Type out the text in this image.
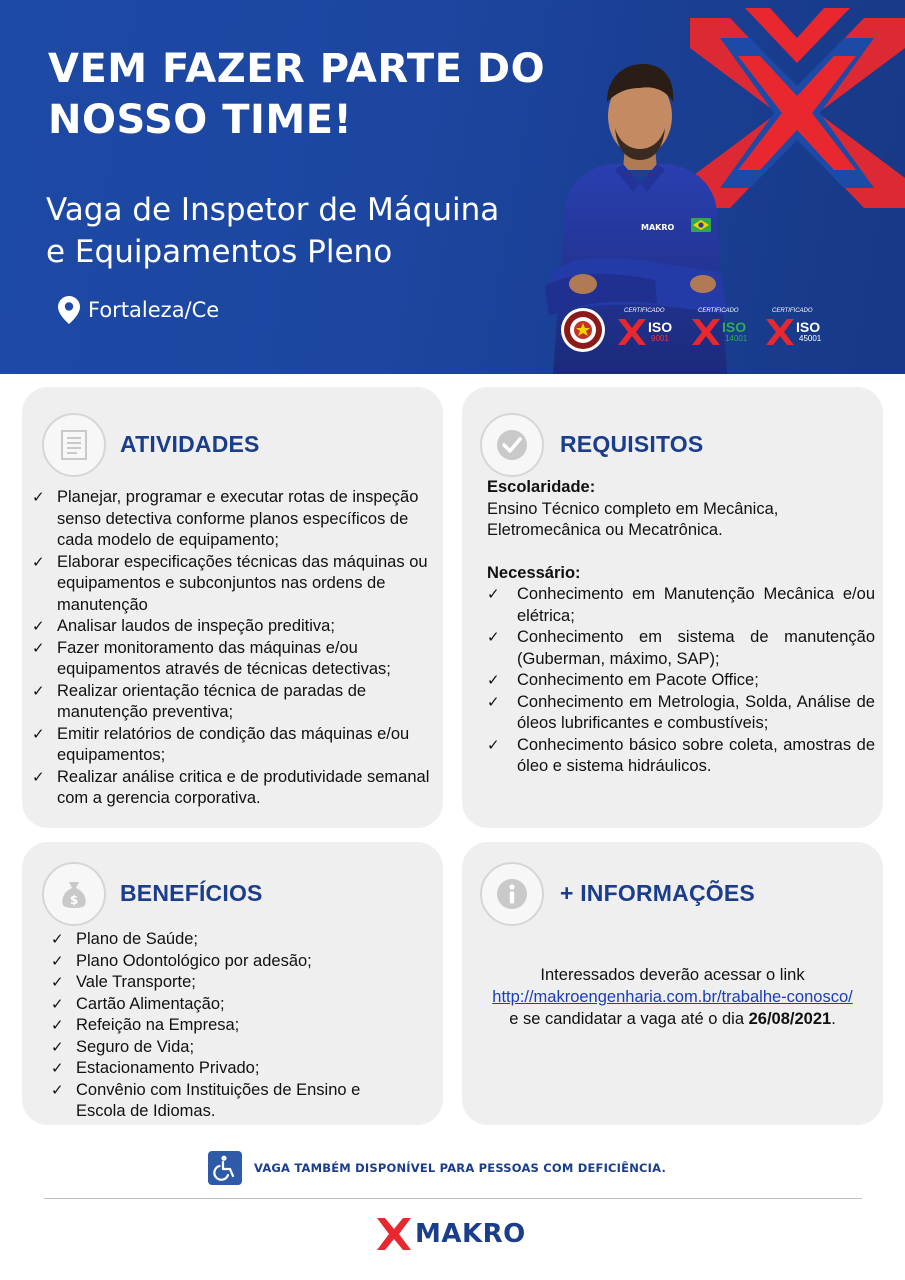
VEM FAZER PARTE DO
NOSSO TIME!
Vaga de Inspetor de Máquina
e Equipamentos Pleno
Fortaleza/Ce
MAKRO
CERTIFICADO
ISO
9001
CERTIFICADO
ISO
14001
CERTIFICADO
ISO
45001
ATIVIDADES
✓ Planejar, programar e executar rotas de inspeção senso detectiva conforme planos específicos de cada modelo de equipamento;
✓ Elaborar especificações técnicas das máquinas ou equipamentos e subconjuntos nas ordens de manutenção
✓ Analisar laudos de inspeção preditiva;
✓ Fazer monitoramento das máquinas e/ou equipamentos através de técnicas detectivas;
✓ Realizar orientação técnica de paradas de manutenção preventiva;
✓ Emitir relatórios de condição das máquinas e/ou equipamentos;
✓ Realizar análise critica e de produtividade semanal com a gerencia corporativa.
REQUISITOS
Escolaridade:
Ensino Técnico completo em Mecânica, Eletromecânica ou Mecatrônica.
Necessário:
✓ Conhecimento em Manutenção Mecânica e/ou elétrica;
✓ Conhecimento em sistema de manutenção (Guberman, máximo, SAP);
✓ Conhecimento em Pacote Office;
✓ Conhecimento em Metrologia, Solda, Análise de óleos lubrificantes e combustíveis;
✓ Conhecimento básico sobre coleta, amostras de óleo e sistema hidráulicos.
$ BENEFÍCIOS
✓ Plano de Saúde;
✓ Plano Odontológico por adesão;
✓ Vale Transporte;
✓ Cartão Alimentação;
✓ Refeição na Empresa;
✓ Seguro de Vida;
✓ Estacionamento Privado;
✓ Convênio com Instituições de Ensino e Escola de Idiomas.
+ INFORMAÇÕES
Interessados deverão acessar o link
http://makroengenharia.com.br/trabalhe-conosco/
e se candidatar a vaga até o dia 26/08/2021.
VAGA TAMBÉM DISPONÍVEL PARA PESSOAS COM DEFICIÊNCIA.
MAKRO
